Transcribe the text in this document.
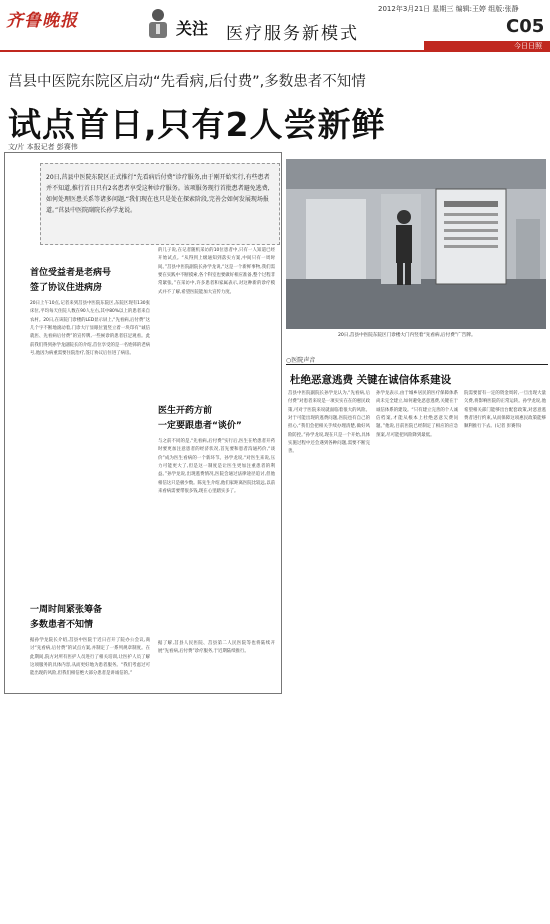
齐鲁晚报	关注 医疗服务新模式
2012年3月21日 星期三 编辑:王婷 组版:张静
C05
今日日照
莒县中医院东院区启动“先看病,后付费”,多数患者不知情
试点首日,只有2人尝新鲜
文/片 本报记者 彭赛伟
20日,莒县中医院东院区正式推行“先看病后付费”诊疗服务,由于刚开始实行,有些患者并不知道,推行首日只有2名患者享受这种诊疗服务。该项服务现行首批患者避免逃费,如何处理医患关系等诸多问题,“我们现在也只是处在探索阶段,完善会如何发展现场报道。”莒县中医院副院长孙学龙说。
首位受益者是老病号
签了协议住进病房
20日上午10点,记者来到莒县中医院东院区,东院区现有130张床位,平均每天住院人数在90人左右,其中80%以上的患者来自农村。20日,在该院门诊楼的LED显示屏上,“先看病,后付费”这几个字不断地滚动着,门诊大厅显眼位置竖立着一块印有“诚信就医、先看病后付费”的宣传牌,一些候诊的患者驻足观看。此前我们得到孙学龙副院长的介绍,首位享受的是一名姓韩的老病号,他因为病重需要住院治疗,签订协议后住进了病房。
一周时间紧张筹备
多数患者不知情
据孙学龙院长介绍,莒县中医院于近日召开了院办公会议,商讨“先看病,后付费”的试点方案,并制定了一系列规章制度。在此期间,院方对所有医护人员进行了相关培训,让医护人员了解这项服务的具体内容,从而更好地为患者服务。“我们考虑过可能出现的风险,但我们相信绝大部分患者是讲诚信的。”
的儿子说,在记者随机采访的10位患者中,只有一人知道已经开始试点。“从得到上级通知到落实方案,中间只有一周时间。”莒县中医院副院长孙学龙说,“这是一个新鲜事物,我们需要在实践中不断摸索,各个科室也要做好相应准备,整个过程非常紧张。”在采访中,许多患者和家属表示,对这种新的诊疗模式并不了解,希望医院能加大宣传力度。
医生开药方前
一定要跟患者“谈价”
与之前不同的是,“先看病,后付费”实行后,医生在给患者开药时要更加注意患者的经济状况,首先要和患者沟通药价,“谈价”成为医生看病的一个新环节。孙学龙说,“对医生来说,压力可能更大了,但是这一制度是让医生更加注重患者的利益。”孙学龙说,出现逃费情况,医院会通过法律途径追讨,但他相信这只是极少数。陈先生介绍,他们家距离医院比较远,以前来看病需要带很多钱,现在心里踏实多了。
据了解,莒县人民医院、莒县第二人民医院等也将陆续开展“先看病,后付费”诊疗服务,于近期陆续推行。
20日,莒县中医院东院区门诊楼大门内竖着“先看病,后付费”广告牌。
○医院声音
杜绝恶意逃费 关键在诚信体系建设
莒县中医院副院长孙学龙认为,“先看病,后付费”对患者来说是一项实实在在的惠民政策,可对于医院来说就面临着很大的风险。对于可能出现的逃费问题,医院也有自己的担心,“我们会把相关手续办理清楚,做好风险防控。”孙学龙说,现在只是一个开始,具体实施过程中还会遇到各种问题,需要不断完善。
孙学龙表示,由于城乡居民的医疗保障体系尚未完全建立,如何避免恶意逃费,关键在于诚信体系的建设。“只有建立完善的个人诚信档案,才能从根本上杜绝恶意欠费问题。”他说,目前医院已经制定了相应的应急预案,尽可能把风险降到最低。
院需要留有一定的资金周转,一旦出现大量欠费,将影响医院的正常运转。孙学龙说,他希望相关部门能够出台配套政策,对恶意逃费者进行约束,从而保障这项惠民政策能够顺利推行下去。(记者 彭赛伟)
